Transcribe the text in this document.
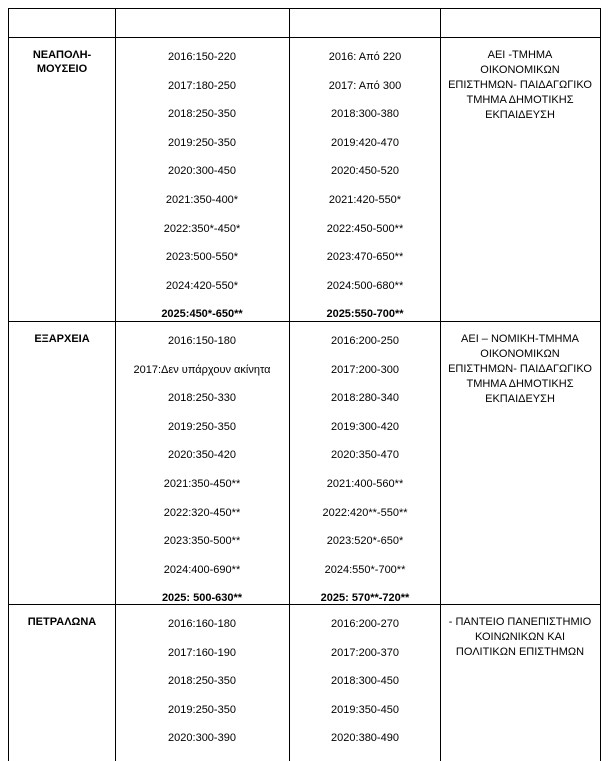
ΝΕΑΠΟΛΗ-
ΜΟΥΣΕΙΟ
2016:150-220
2017:180-250
2018:250-350
2019:250-350
2020:300-450
2021:350-400*
2022:350*-450*
2023:500-550*
2024:420-550*
2025:450*-650**
2016: Από 220
2017: Από 300
2018:300-380
2019:420-470
2020:450-520
2021:420-550*
2022:450-500**
2023:470-650**
2024:500-680**
2025:550-700**
ΑΕΙ -ΤΜΗΜΑ
ΟΙΚΟΝΟΜΙΚΩΝ
ΕΠΙΣΤΗΜΩΝ- ΠΑΙΔΑΓΩΓΙΚΟ
ΤΜΗΜΑ ΔΗΜΟΤΙΚΗΣ
ΕΚΠΑΙΔΕΥΣΗ
ΕΞΑΡΧΕΙΑ	2016:150-180
2017:Δεν υπάρχουν ακίνητα
2018:250-330
2019:250-350
2020:350-420
2021:350-450**
2022:320-450**
2023:350-500**
2024:400-690**
2025: 500-630**
2016:200-250
2017:200-300
2018:280-340
2019:300-420
2020:350-470
2021:400-560**
2022:420**-550**
2023:520*-650*
2024:550*-700**
2025: 570**-720**
ΑΕΙ – ΝΟΜΙΚΗ-ΤΜΗΜΑ
ΟΙΚΟΝΟΜΙΚΩΝ
ΕΠΙΣΤΗΜΩΝ- ΠΑΙΔΑΓΩΓΙΚΟ
ΤΜΗΜΑ ΔΗΜΟΤΙΚΗΣ
ΕΚΠΑΙΔΕΥΣΗ
ΠΕΤΡΑΛΩΝΑ	2016:160-180
2017:160-190
2018:250-350
2019:250-350
2020:300-390
2016:200-270
2017:200-370
2018:300-450
2019:350-450
2020:380-490
- ΠΑΝΤΕΙΟ ΠΑΝΕΠΙΣΤΗΜΙΟ
ΚΟΙΝΩΝΙΚΩΝ ΚΑΙ
ΠΟΛΙΤΙΚΩΝ ΕΠΙΣΤΗΜΩΝ
